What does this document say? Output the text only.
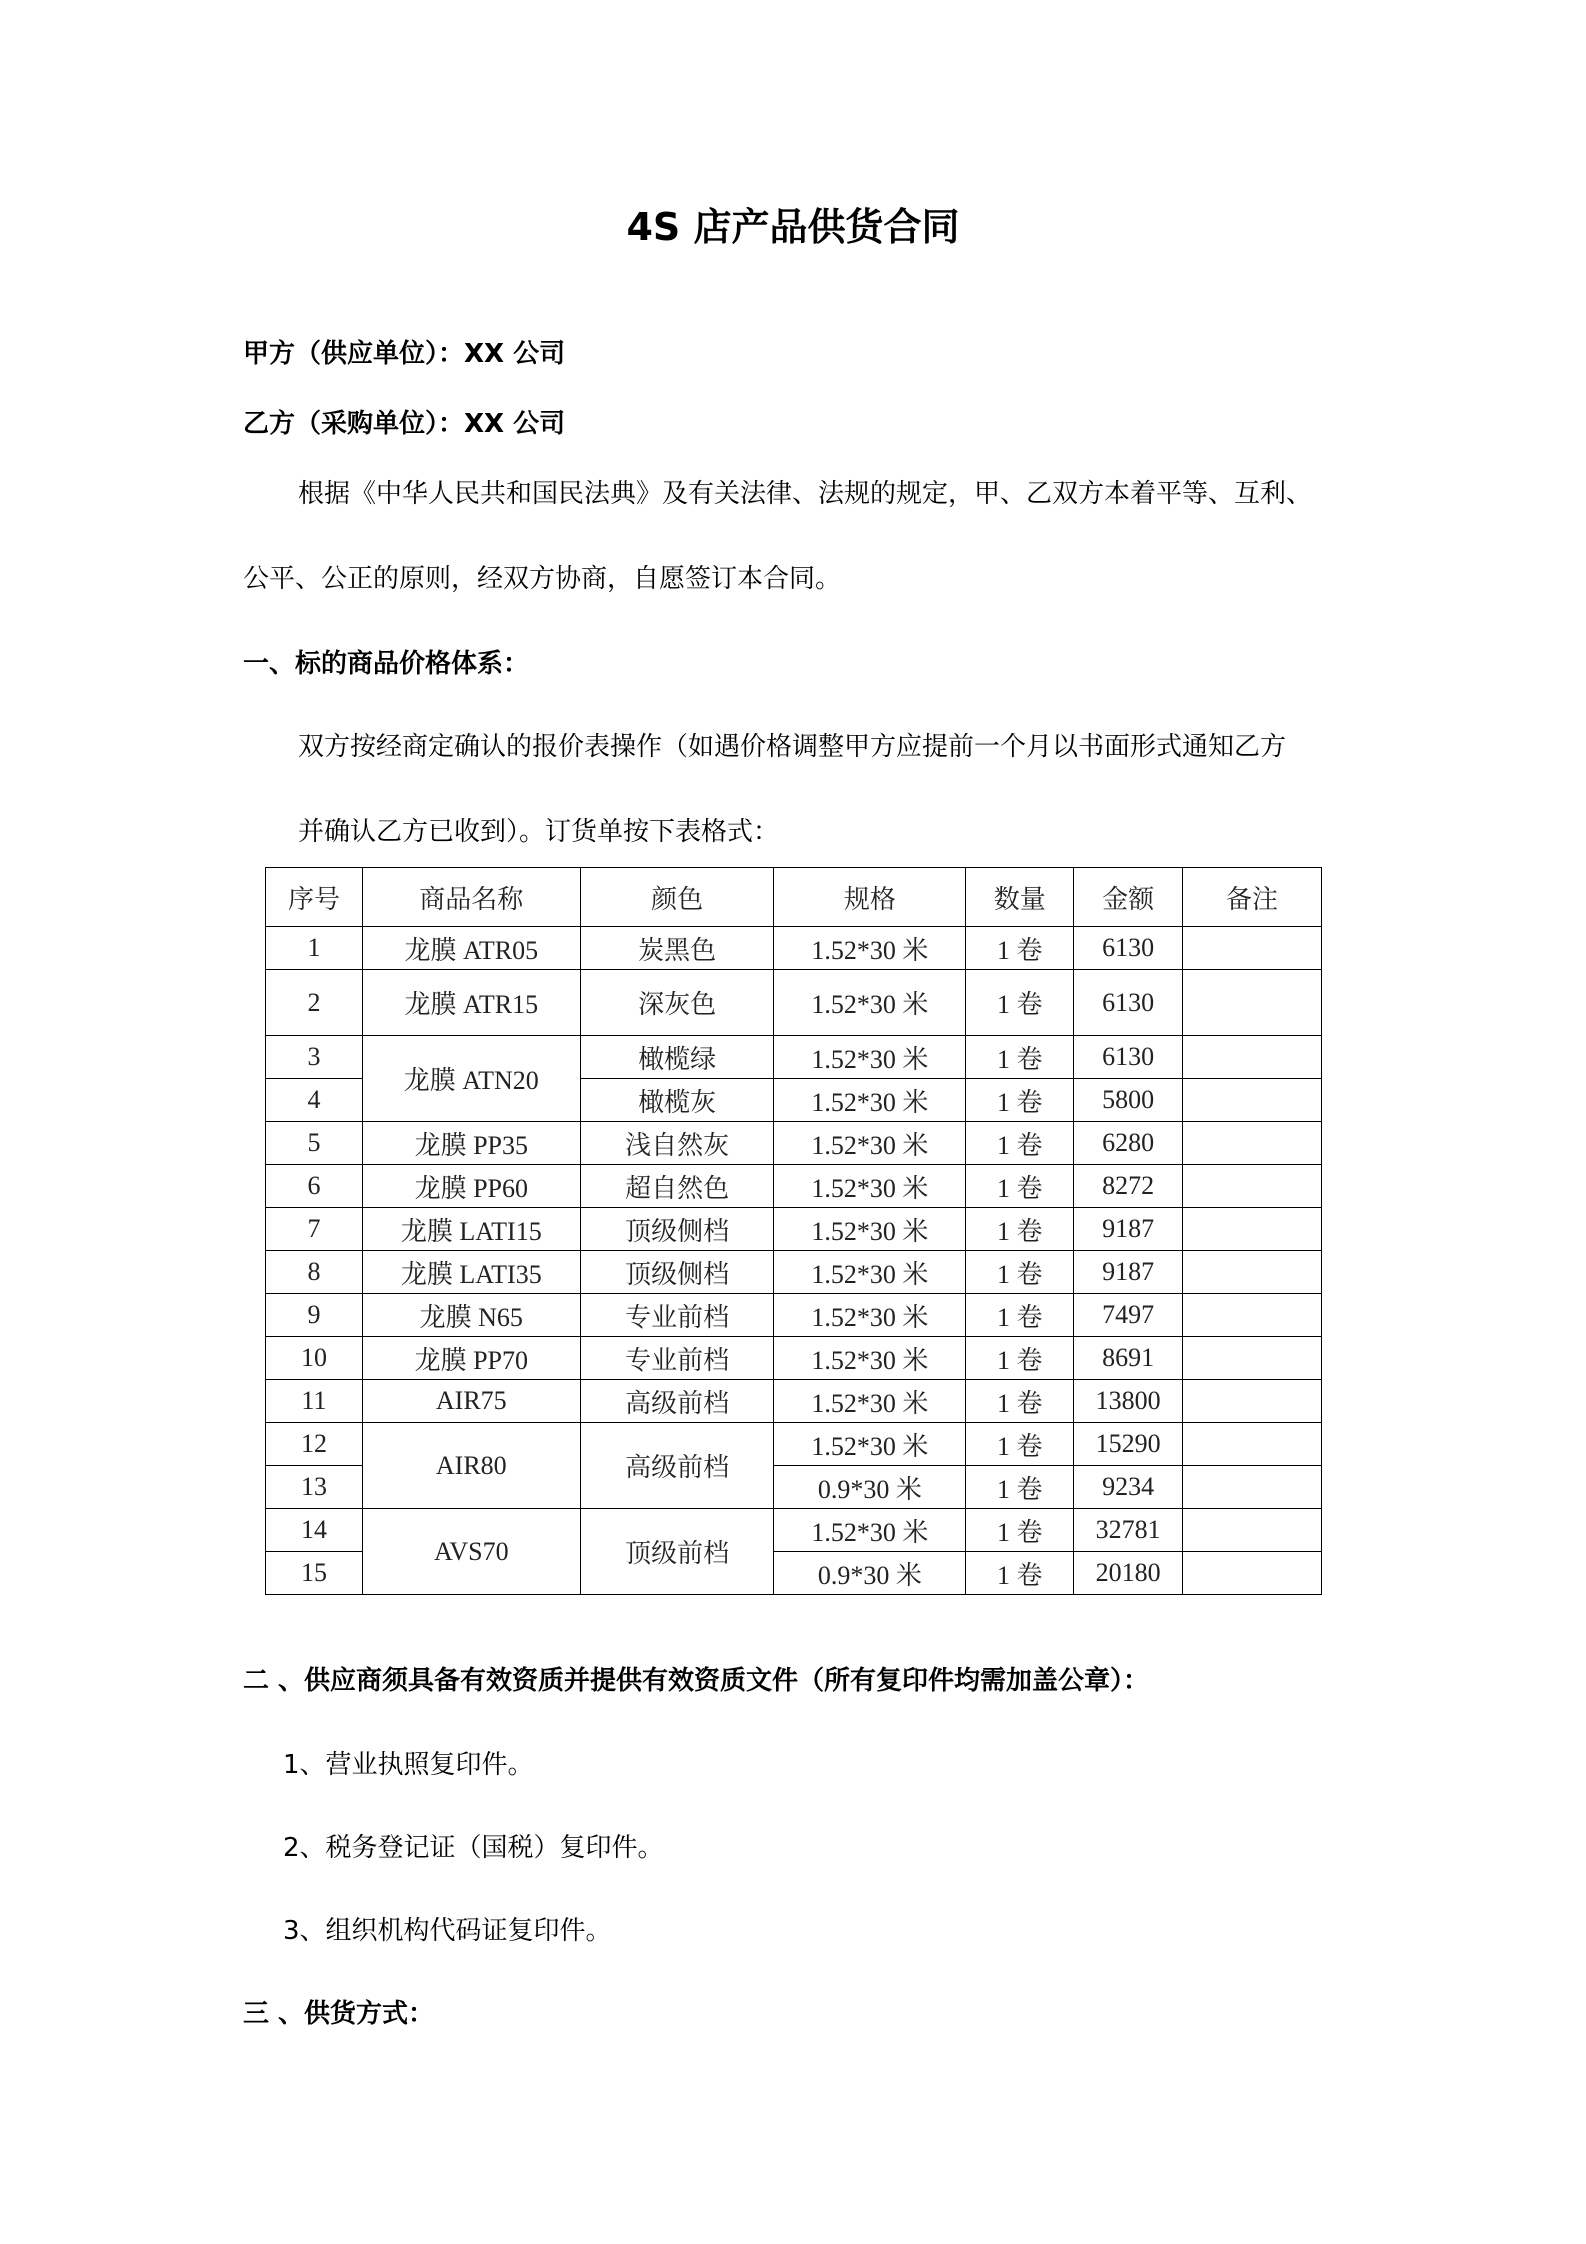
4S 店产品供货合同
甲方（供应单位）：XX 公司
乙方（采购单位）：XX 公司
根据《中华人民共和国民法典》及有关法律、法规的规定，甲、乙双方本着平等、互利、
公平、公正的原则，经双方协商，自愿签订本合同。
一、标的商品价格体系：
双方按经商定确认的报价表操作（如遇价格调整甲方应提前一个月以书面形式通知乙方
并确认乙方已收到）。订货单按下表格式：
序号	商品名称	颜色	规格	数量	金额	备注
1	龙膜 ATR05	炭黑色	1.52*30 米	1 卷	6130	
2	龙膜 ATR15	深灰色	1.52*30 米	1 卷	6130	
3	龙膜 ATN20	橄榄绿	1.52*30 米	1 卷	6130	
4		橄榄灰	1.52*30 米	1 卷	5800	
5	龙膜 PP35	浅自然灰	1.52*30 米	1 卷	6280	
6	龙膜 PP60	超自然色	1.52*30 米	1 卷	8272	
7	龙膜 LATI15	顶级侧档	1.52*30 米	1 卷	9187	
8	龙膜 LATI35	顶级侧档	1.52*30 米	1 卷	9187	
9	龙膜 N65	专业前档	1.52*30 米	1 卷	7497	
10	龙膜 PP70	专业前档	1.52*30 米	1 卷	8691	
11	AIR75	高级前档	1.52*30 米	1 卷	13800	
12	AIR80	高级前档	1.52*30 米	1 卷	15290	
13			0.9*30 米	1 卷	9234	
14	AVS70	顶级前档	1.52*30 米	1 卷	32781	
15			0.9*30 米	1 卷	20180	
二 、供应商须具备有效资质并提供有效资质文件（所有复印件均需加盖公章）：
1、营业执照复印件。
2、税务登记证（国税）复印件。
3、组织机构代码证复印件。
三 、供货方式：
